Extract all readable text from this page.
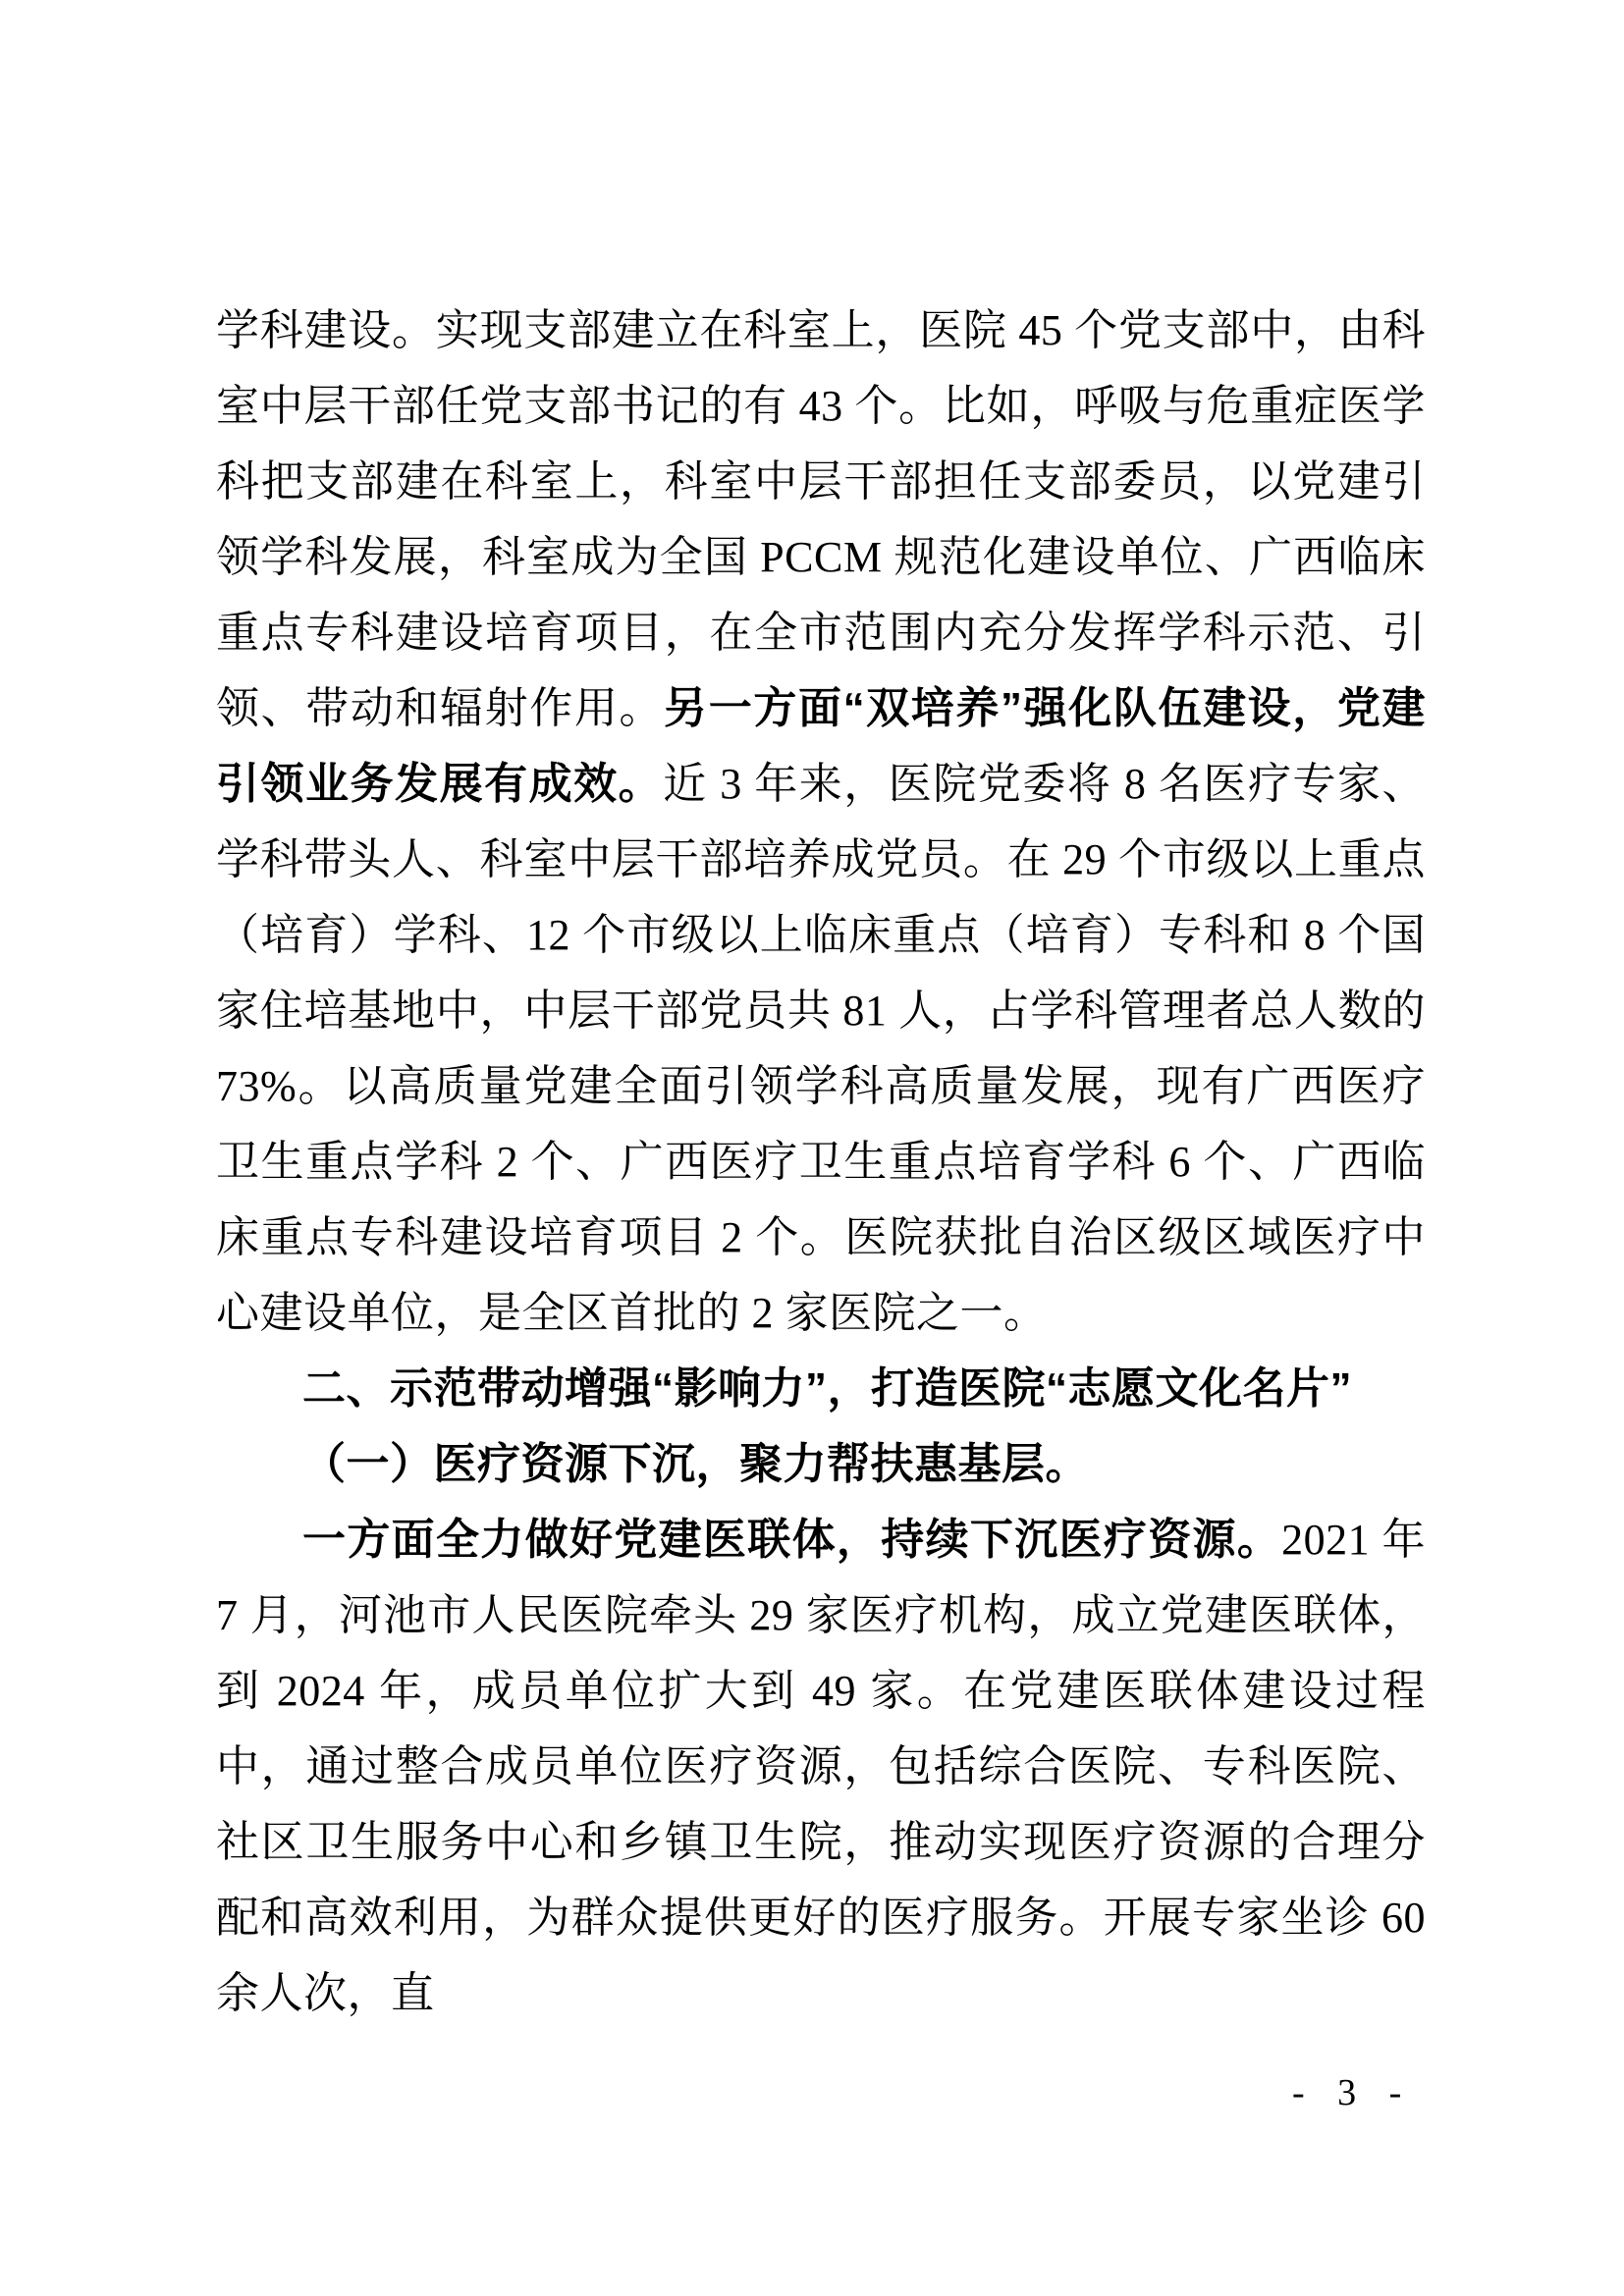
学科建设。实现支部建立在科室上，医院 45 个党支部中，由科室中层干部任党支部书记的有 43 个。比如，呼吸与危重症医学科把支部建在科室上，科室中层干部担任支部委员，以党建引领学科发展，科室成为全国 PCCM 规范化建设单位、广西临床重点专科建设培育项目，在全市范围内充分发挥学科示范、引领、带动和辐射作用。另一方面“双培养”强化队伍建设，党建引领业务发展有成效。近 3 年来，医院党委将 8 名医疗专家、学科带头人、科室中层干部培养成党员。在 29 个市级以上重点（培育）学科、12 个市级以上临床重点（培育）专科和 8 个国家住培基地中，中层干部党员共 81 人，占学科管理者总人数的 73%。以高质量党建全面引领学科高质量发展，现有广西医疗卫生重点学科 2 个、广西医疗卫生重点培育学科 6 个、广西临床重点专科建设培育项目 2 个。医院获批自治区级区域医疗中心建设单位，是全区首批的 2 家医院之一。

二、示范带动增强“影响力”，打造医院“志愿文化名片”

（一）医疗资源下沉，聚力帮扶惠基层。

一方面全力做好党建医联体，持续下沉医疗资源。2021 年 7 月，河池市人民医院牵头 29 家医疗机构，成立党建医联体，到 2024 年，成员单位扩大到 49 家。在党建医联体建设过程中，通过整合成员单位医疗资源，包括综合医院、专科医院、社区卫生服务中心和乡镇卫生院，推动实现医疗资源的合理分配和高效利用，为群众提供更好的医疗服务。开展专家坐诊 60 余人次，直

- 3 -
